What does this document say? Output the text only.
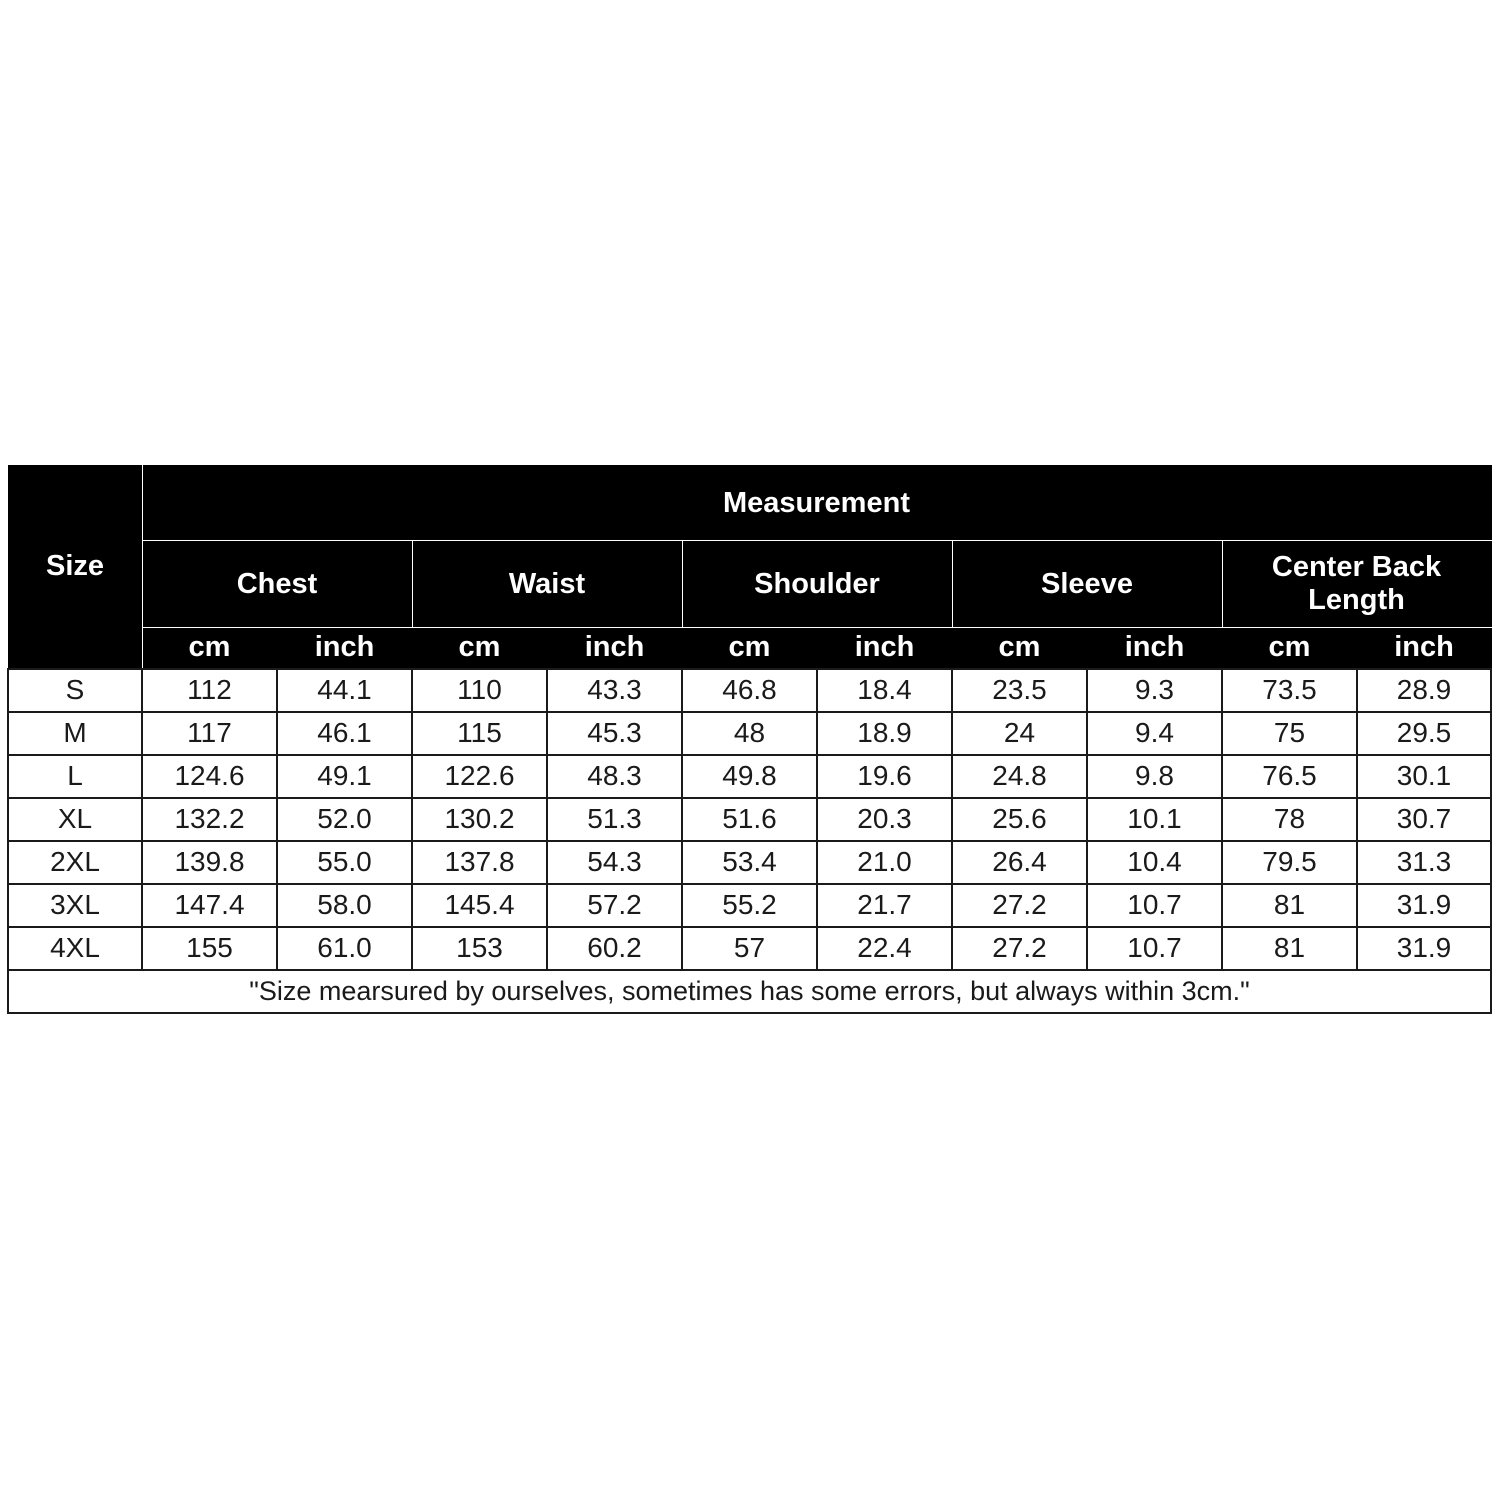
Size	Measurement									
	Chest		Waist		Shoulder		Sleeve		Center Back Length	
	cm	inch	cm	inch	cm	inch	cm	inch	cm	inch
S	112	44.1	110	43.3	46.8	18.4	23.5	9.3	73.5	28.9
M	117	46.1	115	45.3	48	18.9	24	9.4	75	29.5
L	124.6	49.1	122.6	48.3	49.8	19.6	24.8	9.8	76.5	30.1
XL	132.2	52.0	130.2	51.3	51.6	20.3	25.6	10.1	78	30.7
2XL	139.8	55.0	137.8	54.3	53.4	21.0	26.4	10.4	79.5	31.3
3XL	147.4	58.0	145.4	57.2	55.2	21.7	27.2	10.7	81	31.9
4XL	155	61.0	153	60.2	57	22.4	27.2	10.7	81	31.9
"Size mearsured by ourselves, sometimes has some errors, but always within 3cm."										
